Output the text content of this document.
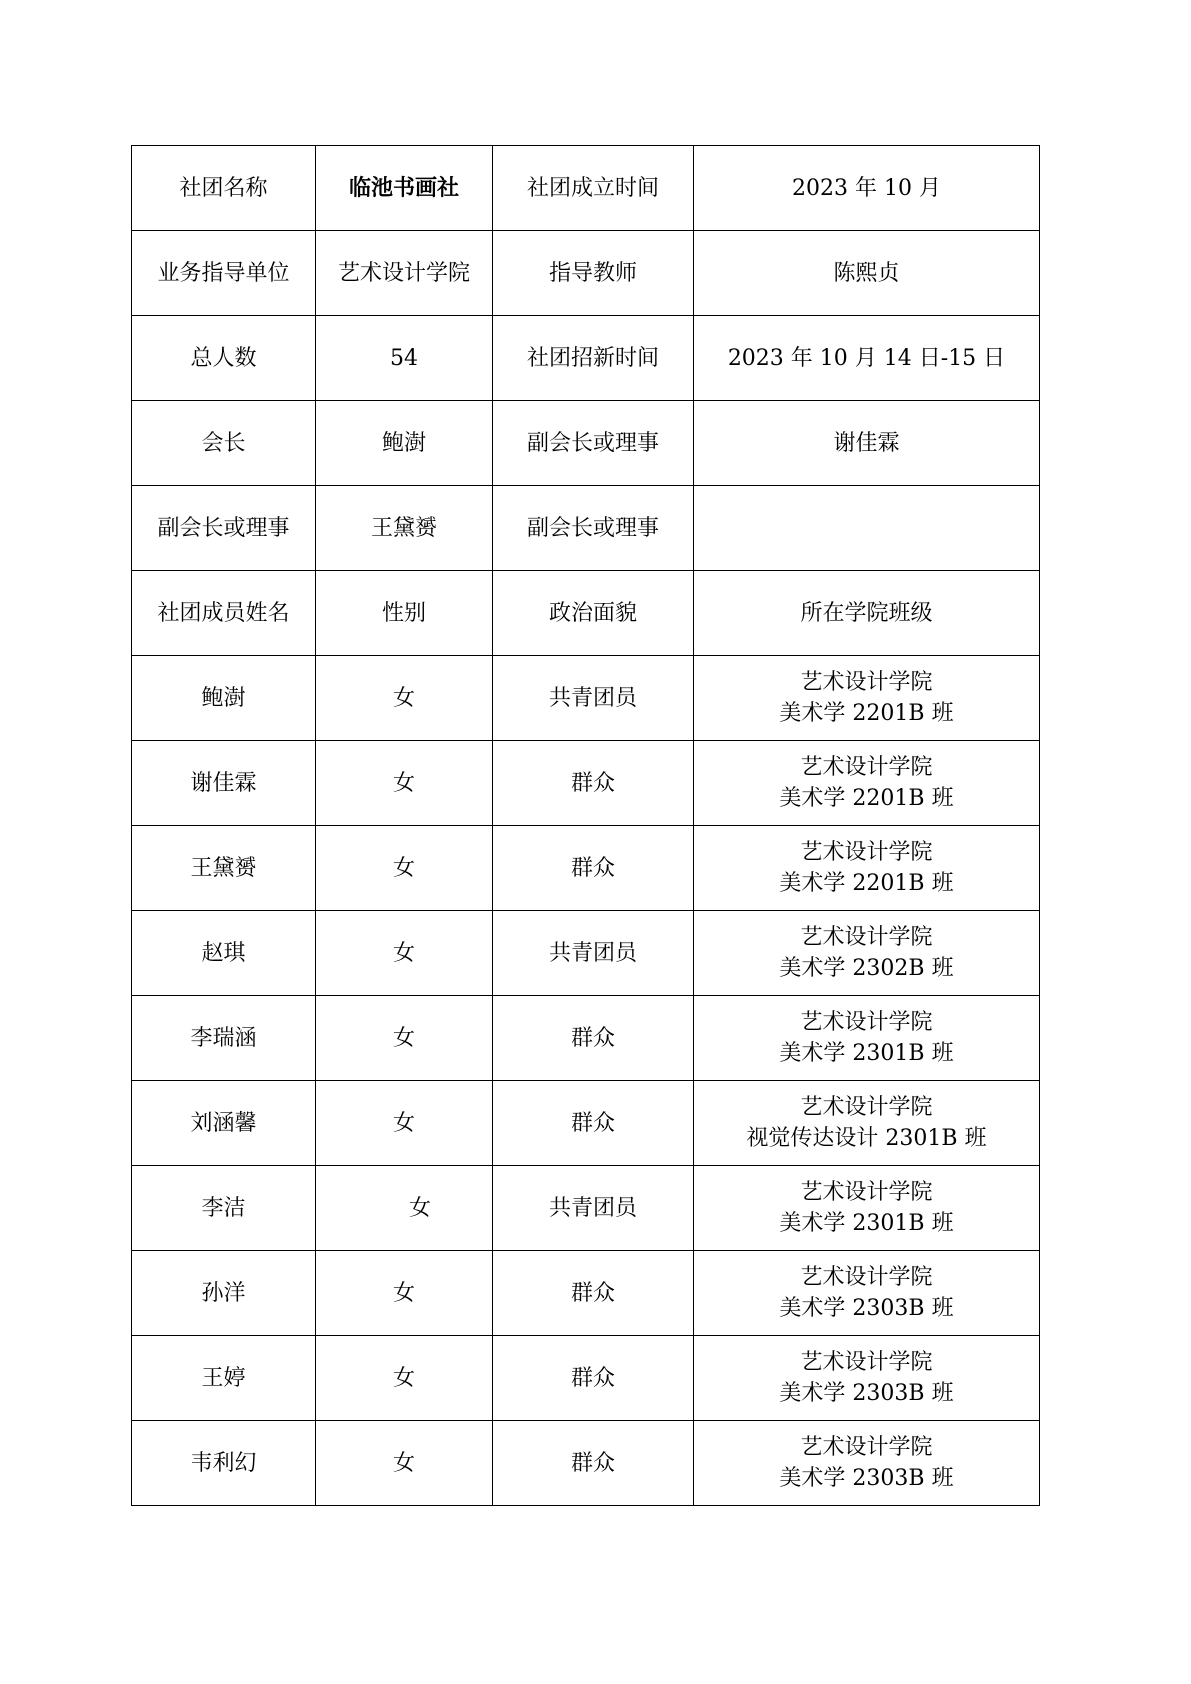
社团名称	临池书画社	社团成立时间	2023 年 10 月
业务指导单位	艺术设计学院	指导教师	陈熙贞
总人数	54	社团招新时间	2023 年 10 月 14 日-15 日
会长	鲍澍	副会长或理事	谢佳霖
副会长或理事	王黛赟	副会长或理事	
社团成员姓名	性别	政治面貌	所在学院班级
鲍澍	女	共青团员	艺术设计学院
美术学 2201B 班

谢佳霖	女	群众	艺术设计学院
美术学 2201B 班

王黛赟	女	群众	艺术设计学院
美术学 2201B 班

赵琪	女	共青团员	艺术设计学院
美术学 2302B 班

李瑞涵	女	群众	艺术设计学院
美术学 2301B 班

刘涵馨	女	群众	艺术设计学院
视觉传达设计 2301B 班

李洁	女	共青团员	艺术设计学院
美术学 2301B 班

孙洋	女	群众	艺术设计学院
美术学 2303B 班

王婷	女	群众	艺术设计学院
美术学 2303B 班

韦利幻	女	群众	艺术设计学院
美术学 2303B 班
